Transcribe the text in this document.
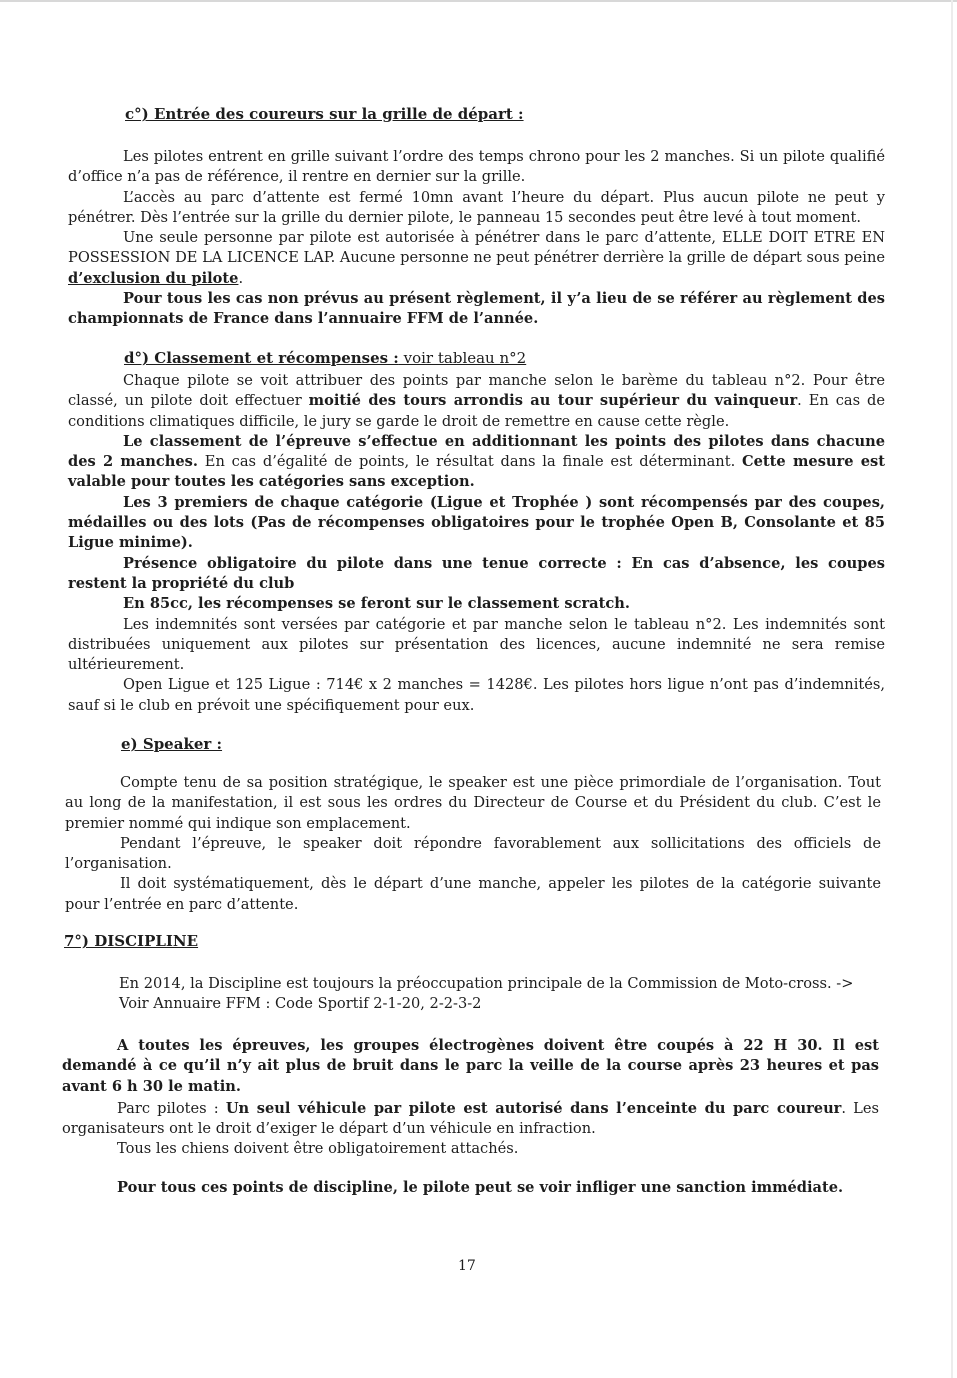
c°) Entrée des coureurs sur la grille de départ :

Les pilotes entrent en grille suivant l’ordre des temps chrono pour les 2 manches. Si un pilote qualifié d’office n’a pas de référence, il rentre en dernier sur la grille.

L’accès au parc d’attente est fermé 10mn avant l’heure du départ. Plus aucun pilote ne peut y pénétrer. Dès l’entrée sur la grille du dernier pilote, le panneau 15 secondes peut être levé à tout moment.

Une seule personne par pilote est autorisée à pénétrer dans le parc d’attente, ELLE DOIT ETRE EN POSSESSION DE LA LICENCE LAP. Aucune personne ne peut pénétrer derrière la grille de départ sous peine d’exclusion du pilote.

Pour tous les cas non prévus au présent règlement, il y’a lieu de se référer au règlement des championnats de France dans l’annuaire FFM de l’année.

d°) Classement et récompenses : voir tableau n°2

Chaque pilote se voit attribuer des points par manche selon le barème du tableau n°2. Pour être classé, un pilote doit effectuer moitié des tours arrondis au tour supérieur du vainqueur. En cas de conditions climatiques difficile, le jury se garde le droit de remettre en cause cette règle.

Le classement de l’épreuve s’effectue en additionnant les points des pilotes dans chacune des 2 manches. En cas d’égalité de points, le résultat dans la finale est déterminant. Cette mesure est valable pour toutes les catégories sans exception.

Les 3 premiers de chaque catégorie (Ligue et Trophée ) sont récompensés par des coupes, médailles ou des lots (Pas de récompenses obligatoires pour le trophée Open B, Consolante et 85 Ligue minime).

Présence obligatoire du pilote dans une tenue correcte : En cas d’absence, les coupes restent la propriété du club

En 85cc, les récompenses se feront sur le classement scratch.

Les indemnités sont versées par catégorie et par manche selon le tableau n°2. Les indemnités sont distribuées uniquement aux pilotes sur présentation des licences, aucune indemnité ne sera remise ultérieurement.

Open Ligue et 125 Ligue : 714€ x 2 manches = 1428€. Les pilotes hors ligue n’ont pas d’indemnités, sauf si le club en prévoit une spécifiquement pour eux.

e) Speaker :

Compte tenu de sa position stratégique, le speaker est une pièce primordiale de l’organisation. Tout au long de la manifestation, il est sous les ordres du Directeur de Course et du Président du club. C’est le premier nommé qui indique son emplacement.

Pendant l’épreuve, le speaker doit répondre favorablement aux sollicitations des officiels de l’organisation.

Il doit systématiquement, dès le départ d’une manche, appeler les pilotes de la catégorie suivante pour l’entrée en parc d’attente.

7°) DISCIPLINE

En 2014, la Discipline est toujours la préoccupation principale de la Commission de Moto-cross. ->

Voir Annuaire FFM : Code Sportif 2-1-20, 2-2-3-2

A toutes les épreuves, les groupes électrogènes doivent être coupés à 22 H 30. Il est demandé à ce qu’il n’y ait plus de bruit dans le parc la veille de la course après 23 heures et pas avant 6 h 30 le matin.

Parc pilotes : Un seul véhicule par pilote est autorisé dans l’enceinte du parc coureur. Les organisateurs ont le droit d’exiger le départ d’un véhicule en infraction.

Tous les chiens doivent être obligatoirement attachés.

Pour tous ces points de discipline, le pilote peut se voir infliger une sanction immédiate.

17
